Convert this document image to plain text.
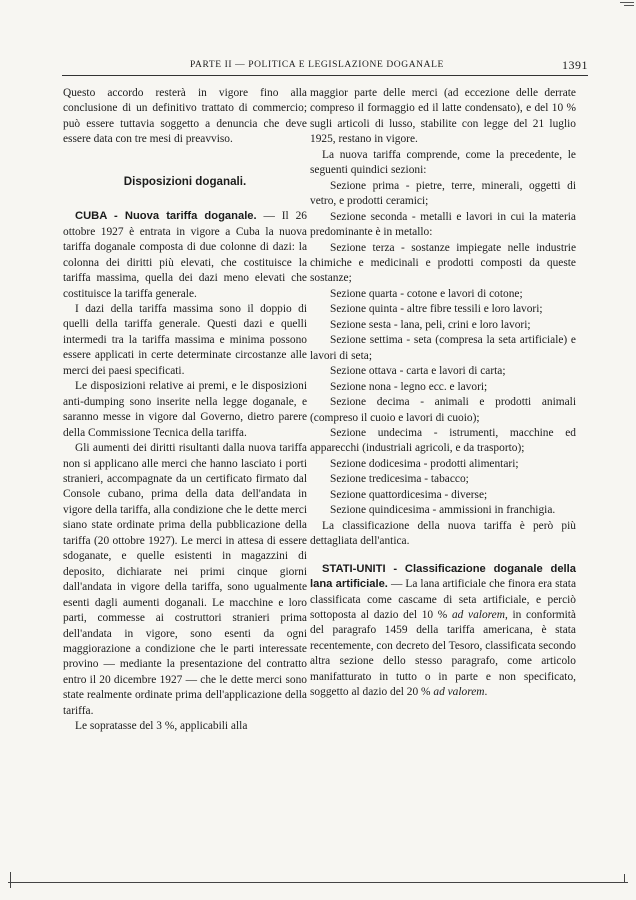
PARTE II — POLITICA E LEGISLAZIONE DOGANALE	1391

Questo accordo resterà in vigore fino alla conclusione di un definitivo trattato di commercio; può essere tuttavia soggetto a denuncia che deve essere data con tre mesi di preavviso.

Disposizioni doganali.

CUBA - Nuova tariffa doganale. — Il 26 ottobre 1927 è entrata in vigore a Cuba la nuova tariffa doganale composta di due colonne di dazi: la colonna dei diritti più elevati, che costituisce la tariffa massima, quella dei dazi meno elevati che costituisce la tariffa generale.

I dazi della tariffa massima sono il doppio di quelli della tariffa generale. Questi dazi e quelli intermedi tra la tariffa massima e minima possono essere applicati in certe determinate circostanze alle merci dei paesi specificati.

Le disposizioni relative ai premi, e le disposizioni anti-dumping sono inserite nella legge doganale, e saranno messe in vigore dal Governo, dietro parere della Commissione Tecnica della tariffa.

Gli aumenti dei diritti risultanti dalla nuova tariffa non si applicano alle merci che hanno lasciato i porti stranieri, accompagnate da un certificato firmato dal Console cubano, prima della data dell'andata in vigore della tariffa, alla condizione che le dette merci siano state ordinate prima della pubblicazione della tariffa (20 ottobre 1927). Le merci in attesa di essere sdoganate, e quelle esistenti in magazzini di deposito, dichiarate nei primi cinque giorni dall'andata in vigore della tariffa, sono ugualmente esenti dagli aumenti doganali. Le macchine e loro parti, commesse ai costruttori stranieri prima dell'andata in vigore, sono esenti da ogni maggiorazione a condizione che le parti interessate provino — mediante la presentazione del contratto entro il 20 dicembre 1927 — che le dette merci sono state realmente ordinate prima dell'applicazione della tariffa.

Le sopratasse del 3 %, applicabili alla

maggior parte delle merci (ad eccezione delle derrate compreso il formaggio ed il latte condensato), e del 10 % sugli articoli di lusso, stabilite con legge del 21 luglio 1925, restano in vigore.

La nuova tariffa comprende, come la precedente, le seguenti quindici sezioni:

Sezione prima - pietre, terre, minerali, oggetti di vetro, e prodotti ceramici;

Sezione seconda - metalli e lavori in cui la materia predominante è in metallo:

Sezione terza - sostanze impiegate nelle industrie chimiche e medicinali e prodotti composti da queste sostanze;

Sezione quarta - cotone e lavori di cotone;

Sezione quinta - altre fibre tessili e loro lavori;

Sezione sesta - lana, peli, crini e loro lavori;

Sezione settima - seta (compresa la seta artificiale) e lavori di seta;

Sezione ottava - carta e lavori di carta;

Sezione nona - legno ecc. e lavori;

Sezione decima - animali e prodotti animali (compreso il cuoio e lavori di cuoio);

Sezione undecima - istrumenti, macchine ed apparecchi (industriali agricoli, e da trasporto);

Sezione dodicesima - prodotti alimentari;

Sezione tredicesima - tabacco;

Sezione quattordicesima - diverse;

Sezione quindicesima - ammissioni in franchigia.

La classificazione della nuova tariffa è però più dettagliata dell'antica.

STATI-UNITI - Classificazione doganale della lana artificiale. — La lana artificiale che finora era stata classificata come cascame di seta artificiale, e perciò sottoposta al dazio del 10 % ad valorem, in conformità del paragrafo 1459 della tariffa americana, è stata recentemente, con decreto del Tesoro, classificata secondo altra sezione dello stesso paragrafo, come articolo manifatturato in tutto o in parte e non specificato, soggetto al dazio del 20 % ad valorem.
